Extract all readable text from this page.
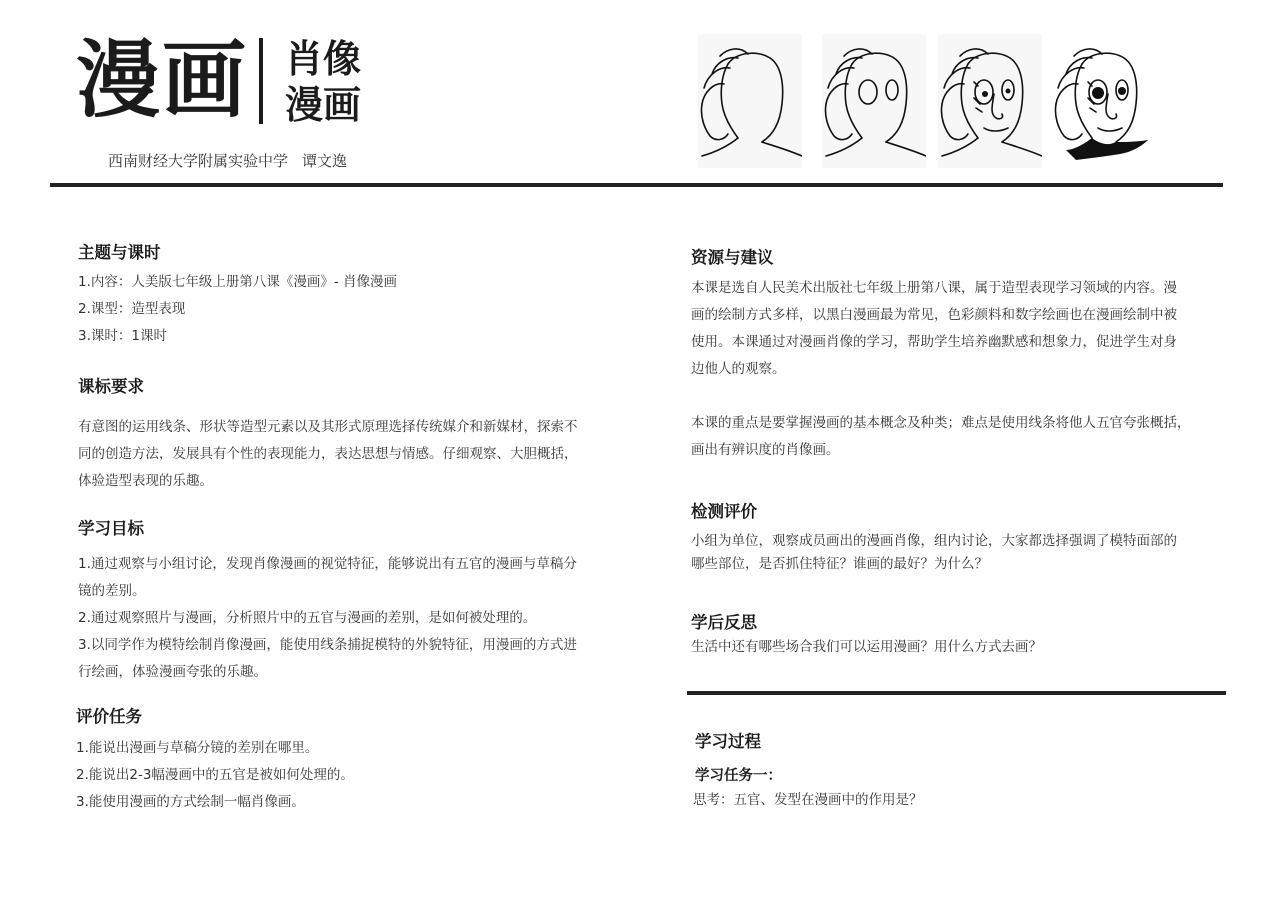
漫画 肖像
漫画
西南财经大学附属实验中学 谭文逸
主题与课时
1.内容：人美版七年级上册第八课《漫画》- 肖像漫画
2.课型：造型表现
3.课时：1课时
课标要求
有意图的运用线条、形状等造型元素以及其形式原理选择传统媒介和新媒材，探索不
同的创造方法，发展具有个性的表现能力，表达思想与情感。仔细观察、大胆概括，
体验造型表现的乐趣。
学习目标
1.通过观察与小组讨论，发现肖像漫画的视觉特征，能够说出有五官的漫画与草稿分
镜的差别。
2.通过观察照片与漫画，分析照片中的五官与漫画的差别，是如何被处理的。
3.以同学作为模特绘制肖像漫画，能使用线条捕捉模特的外貌特征，用漫画的方式进
行绘画，体验漫画夸张的乐趣。
评价任务
1.能说出漫画与草稿分镜的差别在哪里。
2.能说出2-3幅漫画中的五官是被如何处理的。
3.能使用漫画的方式绘制一幅肖像画。
资源与建议
本课是选自人民美术出版社七年级上册第八课，属于造型表现学习领域的内容。漫
画的绘制方式多样，以黑白漫画最为常见，色彩颜料和数字绘画也在漫画绘制中被
使用。本课通过对漫画肖像的学习，帮助学生培养幽默感和想象力，促进学生对身
边他人的观察。
本课的重点是要掌握漫画的基本概念及种类；难点是使用线条将他人五官夸张概括，
画出有辨识度的肖像画。
检测评价
小组为单位，观察成员画出的漫画肖像，组内讨论，大家都选择强调了模特面部的
哪些部位，是否抓住特征？谁画的最好？为什么？
学后反思
生活中还有哪些场合我们可以运用漫画？用什么方式去画？
学习过程
学习任务一：
思考：五官、发型在漫画中的作用是？
